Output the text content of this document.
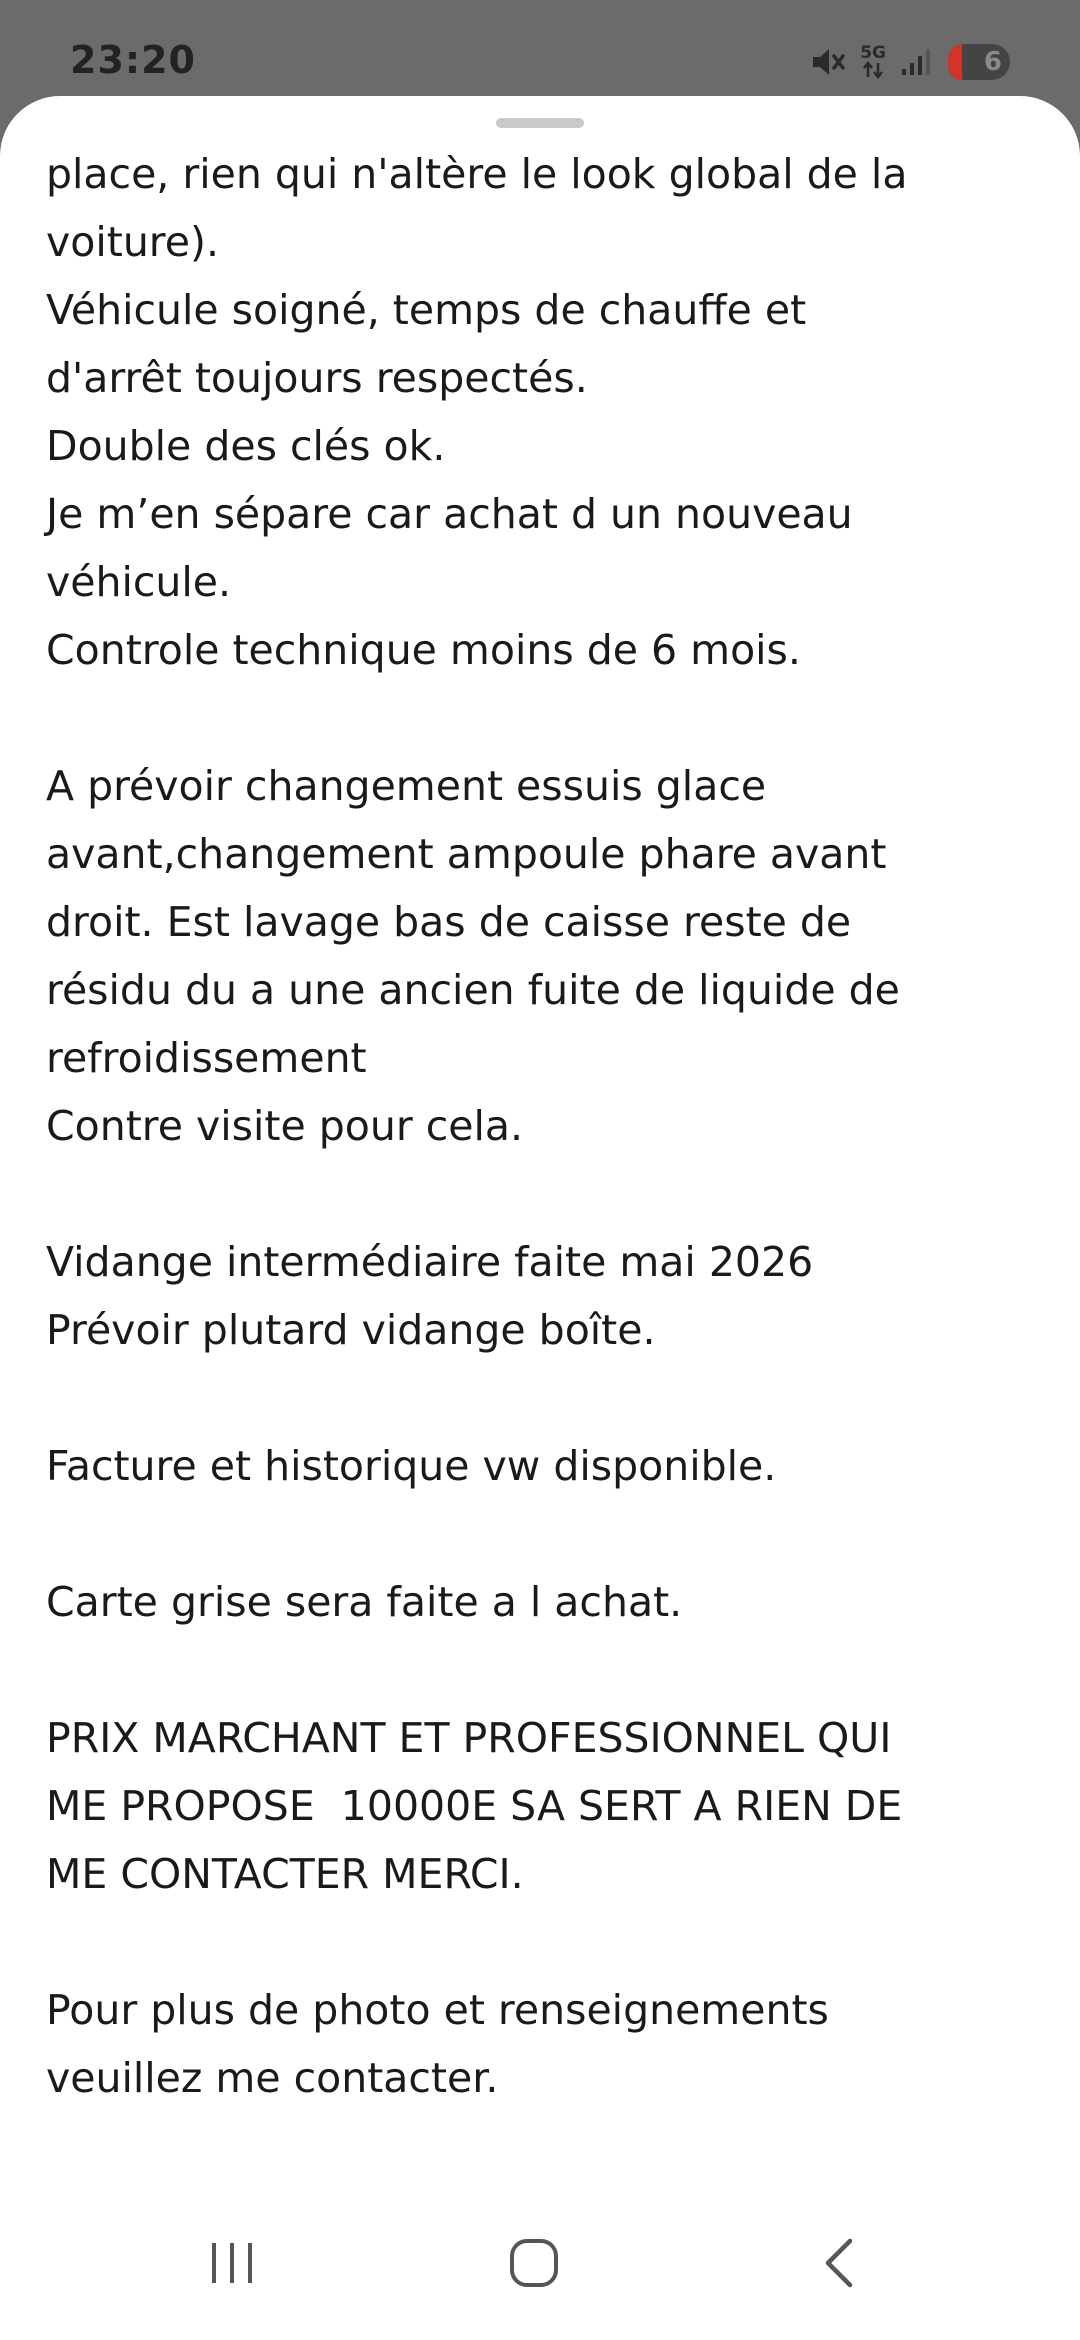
23:20	5G	6

place, rien qui n'altère le look global de la
voiture).
Véhicule soigné, temps de chauffe et
d'arrêt toujours respectés.
Double des clés ok.
Je m’en sépare car achat d un nouveau
véhicule.
Controle technique moins de 6 mois.

A prévoir changement essuis glace
avant,changement ampoule phare avant
droit. Est lavage bas de caisse reste de
résidu du a une ancien fuite de liquide de
refroidissement
Contre visite pour cela.

Vidange intermédiaire faite mai 2026
Prévoir plutard vidange boîte.

Facture et historique vw disponible.

Carte grise sera faite a l achat.

PRIX MARCHANT ET PROFESSIONNEL QUI
ME PROPOSE  10000E SA SERT A RIEN DE
ME CONTACTER MERCI.

Pour plus de photo et renseignements
veuillez me contacter.
